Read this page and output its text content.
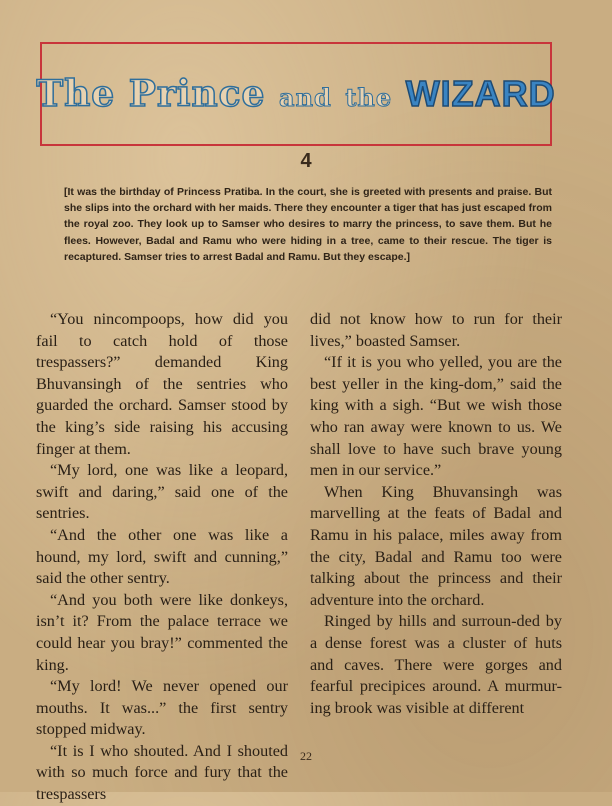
The Prince and the WIZARD
4
[It was the birthday of Princess Pratiba. In the court, she is greeted with presents and praise. But she slips into the orchard with her maids. There they encounter a tiger that has just escaped from the royal zoo. They look up to Samser who desires to marry the princess, to save them. But he flees. However, Badal and Ramu who were hiding in a tree, came to their rescue. The tiger is recaptured. Samser tries to arrest Badal and Ramu. But they escape.]

“You nincompoops, how did you fail to catch hold of those trespassers?” demanded King Bhuvansingh of the sentries who guarded the orchard. Samser stood by the king’s side raising his accusing finger at them.

“My lord, one was like a leopard, swift and daring,” said one of the sentries.

“And the other one was like a hound, my lord, swift and cunning,” said the other sentry.

“And you both were like donkeys, isn’t it? From the palace terrace we could hear you bray!” commented the king.

“My lord! We never opened our mouths. It was...” the first sentry stopped midway.

“It is I who shouted. And I shouted with so much force and fury that the trespassers

did not know how to run for their lives,” boasted Samser.

“If it is you who yelled, you are the best yeller in the king-dom,” said the king with a sigh. “But we wish those who ran away were known to us. We shall love to have such brave young men in our service.”

When King Bhuvansingh was marvelling at the feats of Badal and Ramu in his palace, miles away from the city, Badal and Ramu too were talking about the princess and their adventure into the orchard.

Ringed by hills and surroun-ded by a dense forest was a cluster of huts and caves. There were gorges and fearful precipices around. A murmur-ing brook was visible at different

22
